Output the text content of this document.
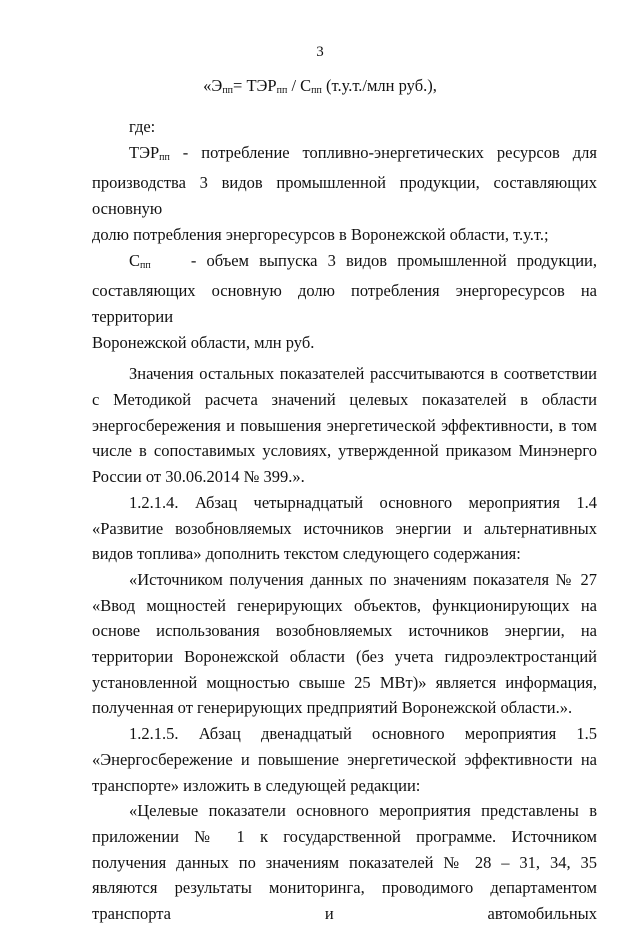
3
«$Э_{пп}= ТЭР_{пп} / С_{пп}$ (т.у.т./млн руб.),

где:

$ТЭР_{пп}$ - потребление топливно-энергетических ресурсов для

производства 3 видов промышленной продукции, составляющих основную

долю потребления энергоресурсов в Воронежской области, т.у.т.;

$С_{пп}$ - объем выпуска 3 видов промышленной продукции,

составляющих основную долю потребления энергоресурсов на территории

Воронежской области, млн руб.

Значения остальных показателей рассчитываются в соответствии с Методикой расчета значений целевых показателей в области энергосбережения и повышения энергетической эффективности, в том числе в сопоставимых условиях, утвержденной приказом Минэнерго России от 30.06.2014 № 399.».

1.2.1.4. Абзац четырнадцатый основного мероприятия 1.4 «Развитие возобновляемых источников энергии и альтернативных видов топлива» дополнить текстом следующего содержания:

«Источником получения данных по значениям показателя № 27 «Ввод мощностей генерирующих объектов, функционирующих на основе использования возобновляемых источников энергии, на территории Воронежской области (без учета гидроэлектростанций установленной мощностью свыше 25 МВт)» является информация, полученная от генерирующих предприятий Воронежской области.».

1.2.1.5. Абзац двенадцатый основного мероприятия 1.5 «Энергосбережение и повышение энергетической эффективности на транспорте» изложить в следующей редакции:

«Целевые показатели основного мероприятия представлены в приложении № 1 к государственной программе. Источником получения данных по значениям показателей № 28 – 31, 34, 35 являются результаты мониторинга, проводимого департаментом транспорта и автомобильных
